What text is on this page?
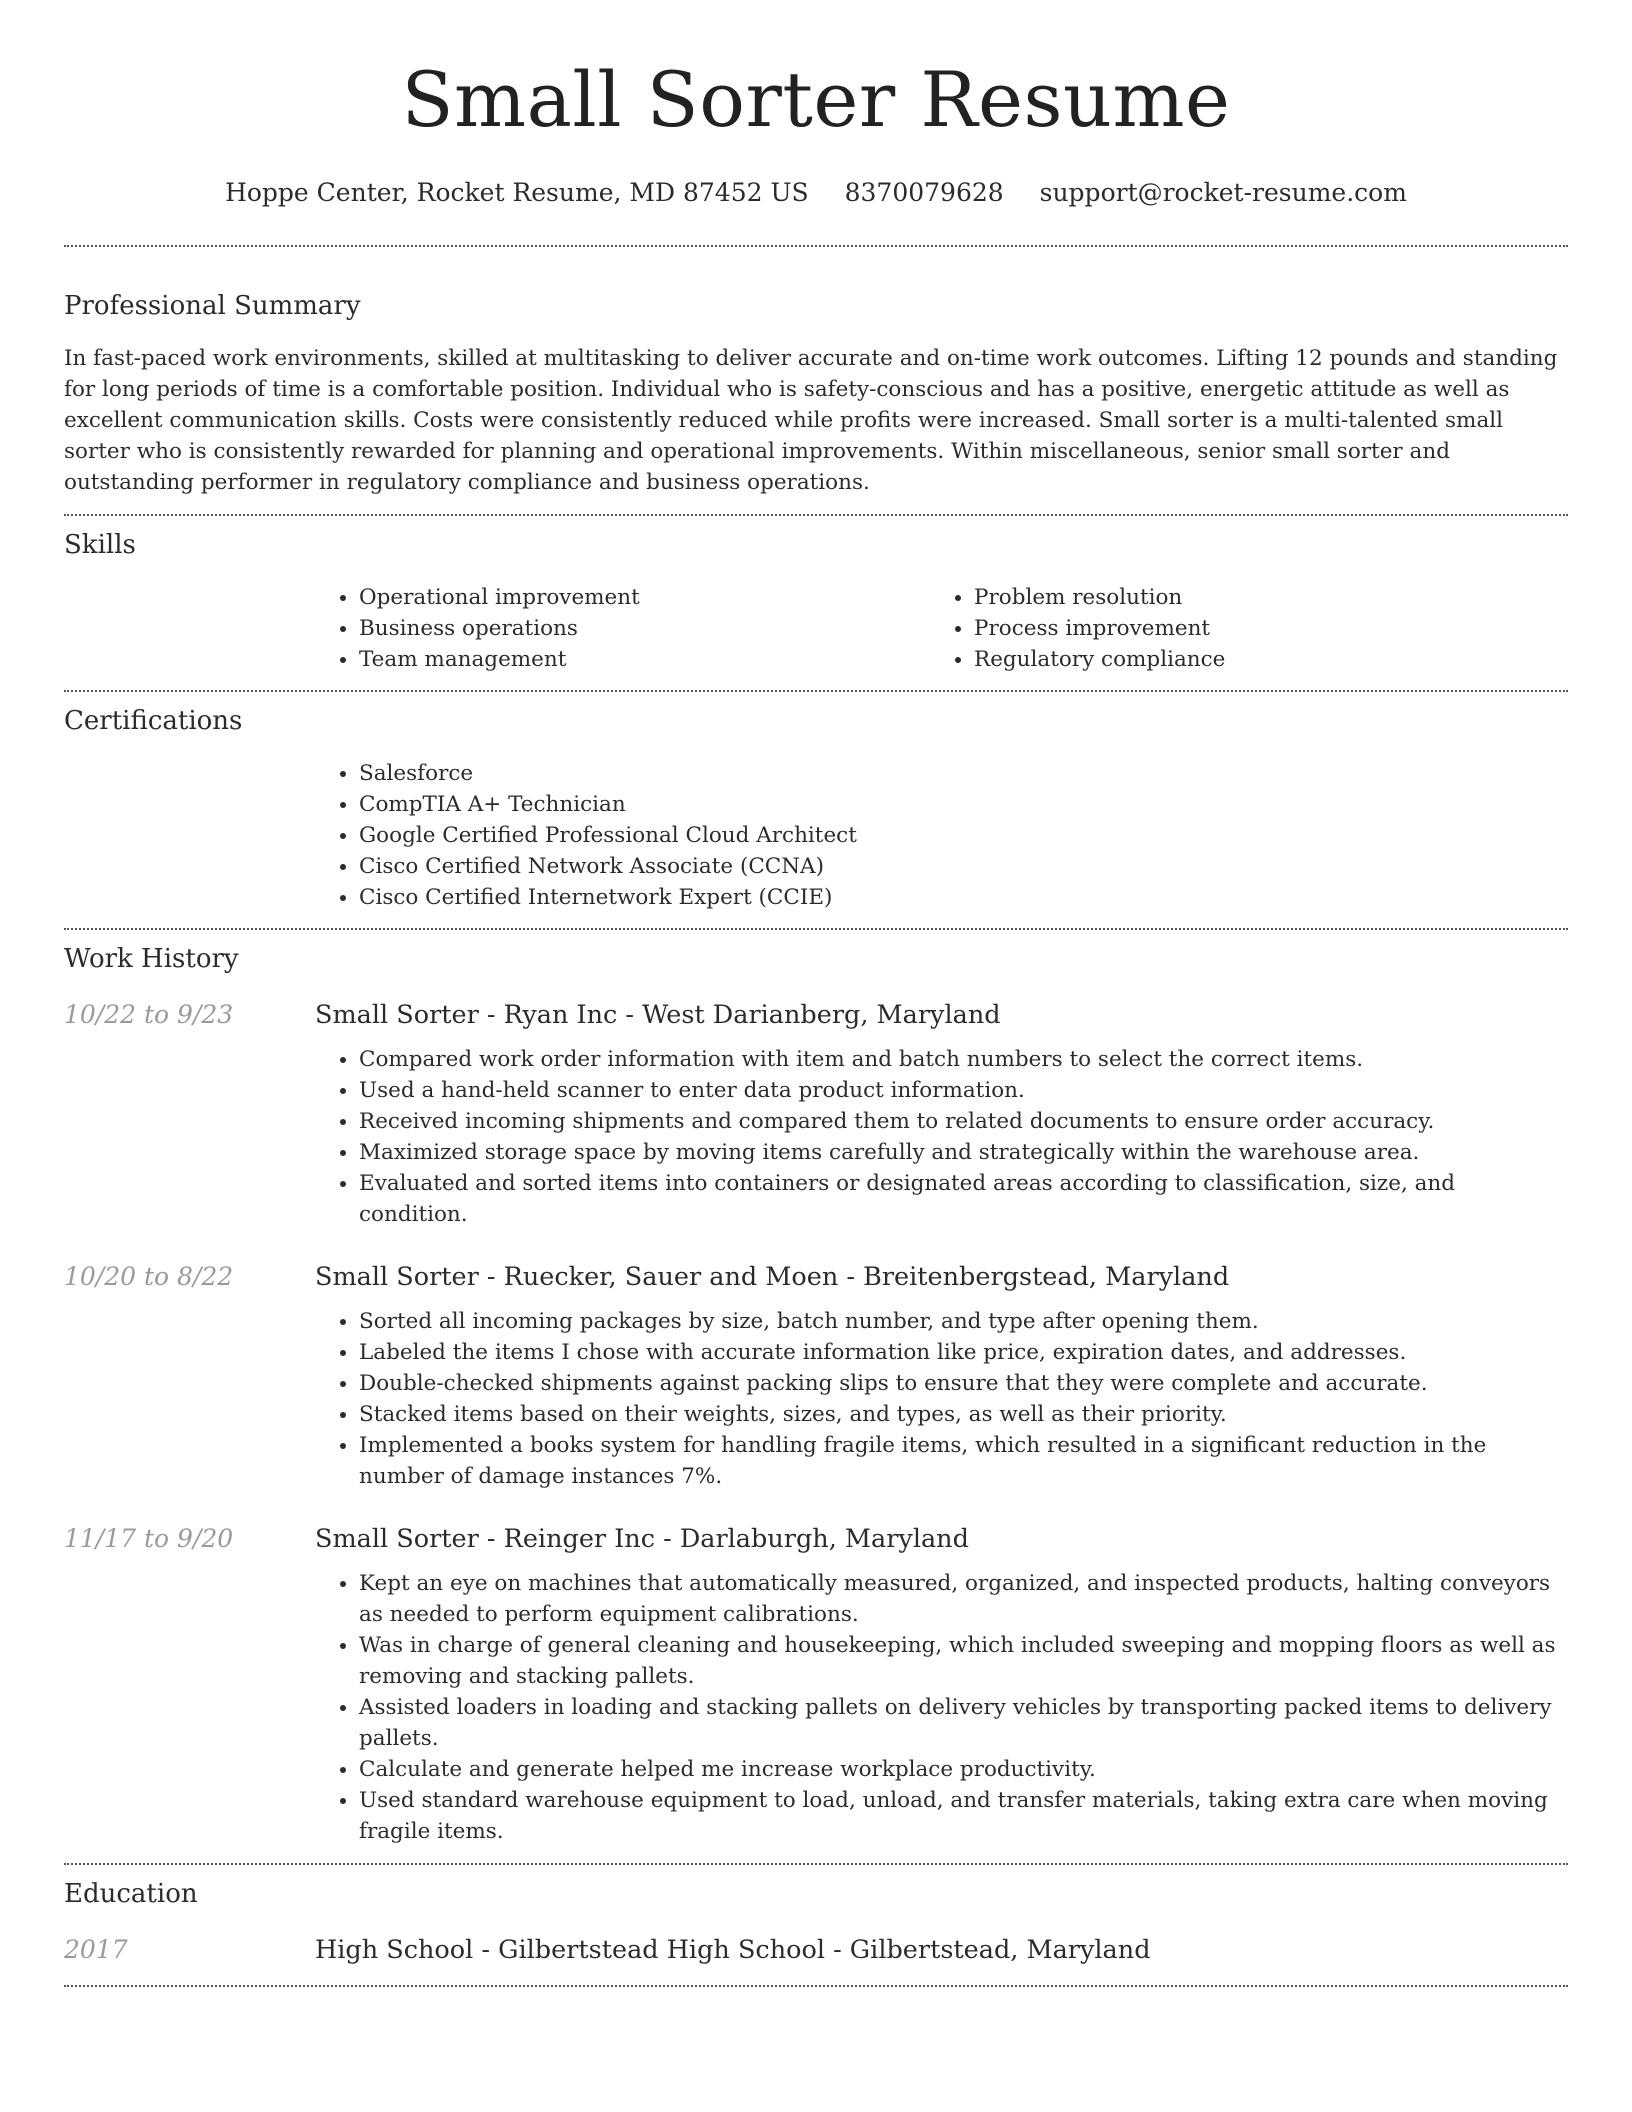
Small Sorter Resume
Hoppe Center, Rocket Resume, MD 87452 US 8370079628 support@rocket-resume.com
Professional Summary

In fast-paced work environments, skilled at multitasking to deliver accurate and on-time work outcomes. Lifting 12 pounds and standing for long periods of time is a comfortable position. Individual who is safety-conscious and has a positive, energetic attitude as well as excellent communication skills. Costs were consistently reduced while profits were increased. Small sorter is a multi-talented small sorter who is consistently rewarded for planning and operational improvements. Within miscellaneous, senior small sorter and outstanding performer in regulatory compliance and business operations.

Skills
• Operational improvement
• Business operations
• Team management
• Problem resolution
• Process improvement
• Regulatory compliance
Certifications
• Salesforce
• CompTIA A+ Technician
• Google Certified Professional Cloud Architect
• Cisco Certified Network Associate (CCNA)
• Cisco Certified Internetwork Expert (CCIE)
Work History
10/22 to 9/23	Small Sorter - Ryan Inc - West Darianberg, Maryland
• Compared work order information with item and batch numbers to select the correct items.
• Used a hand-held scanner to enter data product information.
• Received incoming shipments and compared them to related documents to ensure order accuracy.
• Maximized storage space by moving items carefully and strategically within the warehouse area.
• Evaluated and sorted items into containers or designated areas according to classification, size, and condition.
10/20 to 8/22	Small Sorter - Ruecker, Sauer and Moen - Breitenbergstead, Maryland
• Sorted all incoming packages by size, batch number, and type after opening them.
• Labeled the items I chose with accurate information like price, expiration dates, and addresses.
• Double-checked shipments against packing slips to ensure that they were complete and accurate.
• Stacked items based on their weights, sizes, and types, as well as their priority.
• Implemented a books system for handling fragile items, which resulted in a significant reduction in the number of damage instances 7%.
11/17 to 9/20	Small Sorter - Reinger Inc - Darlaburgh, Maryland
• Kept an eye on machines that automatically measured, organized, and inspected products, halting conveyors as needed to perform equipment calibrations.
• Was in charge of general cleaning and housekeeping, which included sweeping and mopping floors as well as removing and stacking pallets.
• Assisted loaders in loading and stacking pallets on delivery vehicles by transporting packed items to delivery pallets.
• Calculate and generate helped me increase workplace productivity.
• Used standard warehouse equipment to load, unload, and transfer materials, taking extra care when moving fragile items.
Education
2017	High School - Gilbertstead High School - Gilbertstead, Maryland
